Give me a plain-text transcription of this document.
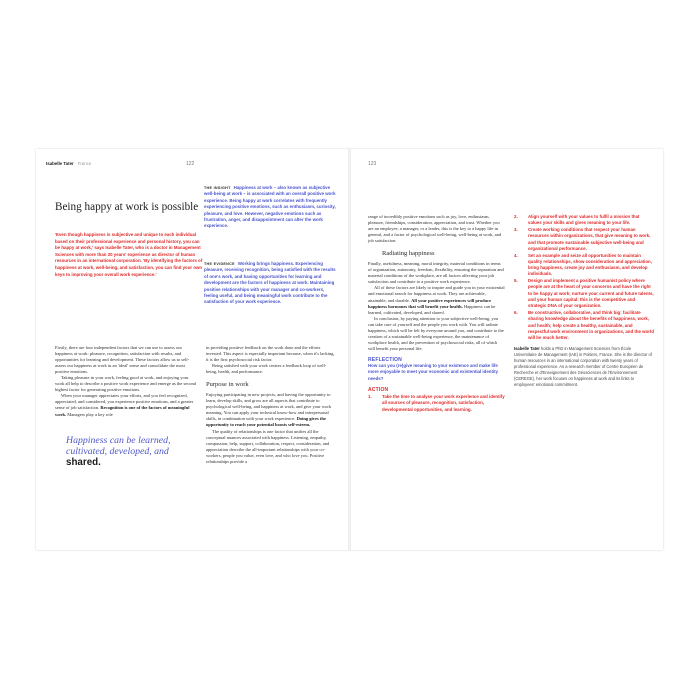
Isabelle Tater · France	122
Being happy at work is possible
'Even though happiness is subjective and unique to each individual based on their professional experience and personal history, you can be happy at work,' says Isabelle Tater, who is a doctor in Management Sciences with more than 20 years' experience as director of human resources in an international corporation. 'By identifying the factors of happiness at work, well-being, and satisfaction, you can find your own keys to improving your overall work experience.'
THE INSIGHT Happiness at work – also known as subjective well-being at work – is associated with an overall positive work experience. Being happy at work correlates with frequently experiencing positive emotions, such as enthusiasm, curiosity, pleasure, and love. However, negative emotions such as frustration, anger, and disappointment can alter the work experience.
THE EVIDENCE Working brings happiness. Experiencing pleasure, receiving recognition, being satisfied with the results of one's work, and having opportunities for learning and development are the factors of happiness at work. Maintaining positive relationships with your manager and co-workers, feeling useful, and being meaningful work contribute to the satisfaction of your work experience.

Firstly, there are four independent factors that we can use to assess our happiness at work: pleasure, recognition, satisfaction with results, and opportunities for learning and development. These factors allow us to self-assess our happiness at work in an 'ideal' sense and consolidate the most positive emotions.

Taking pleasure in your work, feeling good at work, and enjoying your work all help to describe a positive work experience and emerge as the second highest factor for generating positive emotions.

When your manager appreciates your efforts, and you feel recognized, appreciated, and considered, you experience positive emotions, and a greater sense of job satisfaction. Recognition is one of the factors of meaningful work. Managers play a key role

Happiness can be learned, cultivated, developed, and shared.

in providing positive feedback on the work done and the efforts invested. This aspect is especially important because, when it's lacking, it is the first psychosocial risk factor.

Being satisfied with your work creates a feedback loop of well-being, health, and performance.

Purpose in work

Enjoying participating in new projects, and having the opportunity to learn, develop skills, and grow are all aspects that contribute to psychological well-being, and happiness at work, and give your work meaning. You can apply your technical know-how and interpersonal skills, in combination with your work experience. Doing gives the opportunity to reach your potential boosts self-esteem.

The quality of relationships is one factor that unifies all the conceptual nuances associated with happiness. Listening, empathy, compassion, help, support, collaboration, respect, consideration, and appreciation describe the all-important relationships with your co-workers, people you value, even love, and who love you. Positive relationships provide a

123

range of incredibly positive emotions such as joy, love, enthusiasm, pleasure, friendships, consideration, appreciation, and trust. Whether you are an employee, a manager, or a leader, this is the key to a happy life in general, and a factor of psychological well-being, well-being at work, and job satisfaction.

Radiating happiness

Finally, usefulness, meaning, moral integrity, material conditions in terms of organization, autonomy, freedom, flexibility, ensuring the separation and material conditions of the workplace, are all factors affecting your job satisfaction and contribute to a positive work experience.

All of these factors are likely to inspire and guide you in your existential and emotional search for happiness at work. They are achievable, attainable, and durable. All your positive experiences will produce happiness hormones that will benefit your health. Happiness can be learned, cultivated, developed, and shared.

In conclusion, by paying attention to your subjective well-being, you can take care of yourself and the people you work with. You will radiate happiness, which will be felt by everyone around you, and contribute to the creation of a sustainable well-being experience, the maintenance of workplace health, and the prevention of psychosocial risks, all of which will benefit your personal life.

REFLECTION
How can you (re)give meaning to your existence and make life more enjoyable to meet your economic and existential identity needs?
ACTION
1. Take the time to analyse your work experience and identify all sources of pleasure, recognition, satisfaction, developmental opportunities, and learning.
2. Align yourself with your values to fulfil a mission that values your skills and gives meaning to your life.
3. Create working conditions that respect your human resources within organizations, that give meaning to work, and that promote sustainable subjective well-being and organizational performance.
4. Set an example and seize all opportunities to maintain quality relationships, show consideration and appreciation, bring happiness, create joy and enthusiasm, and develop individuals.
5. Design and implement a positive humanist policy where people are at the heart of your concerns and have the right to be happy at work; nurture your current and future talents, and your human capital: this is the competitive and strategic DNA of your organization.
6. Be constructive, collaborative, and think big: facilitate sharing knowledge about the benefits of happiness, work, and health; help create a healthy, sustainable, and respectful work environment in organizations, and the world will be much better.
Isabelle Tater holds a PhD in Management Sciences from École Universitaire de Management (IAE) in Poitiers, France. She is the director of human resources in an international corporation with twenty years of professional experience. As a research member of Centre Européen de Recherche et d'Enseignement des Géosciences de l'Environnement (CEREGE), her work focuses on happiness at work and its links to employees' emotional commitment.
